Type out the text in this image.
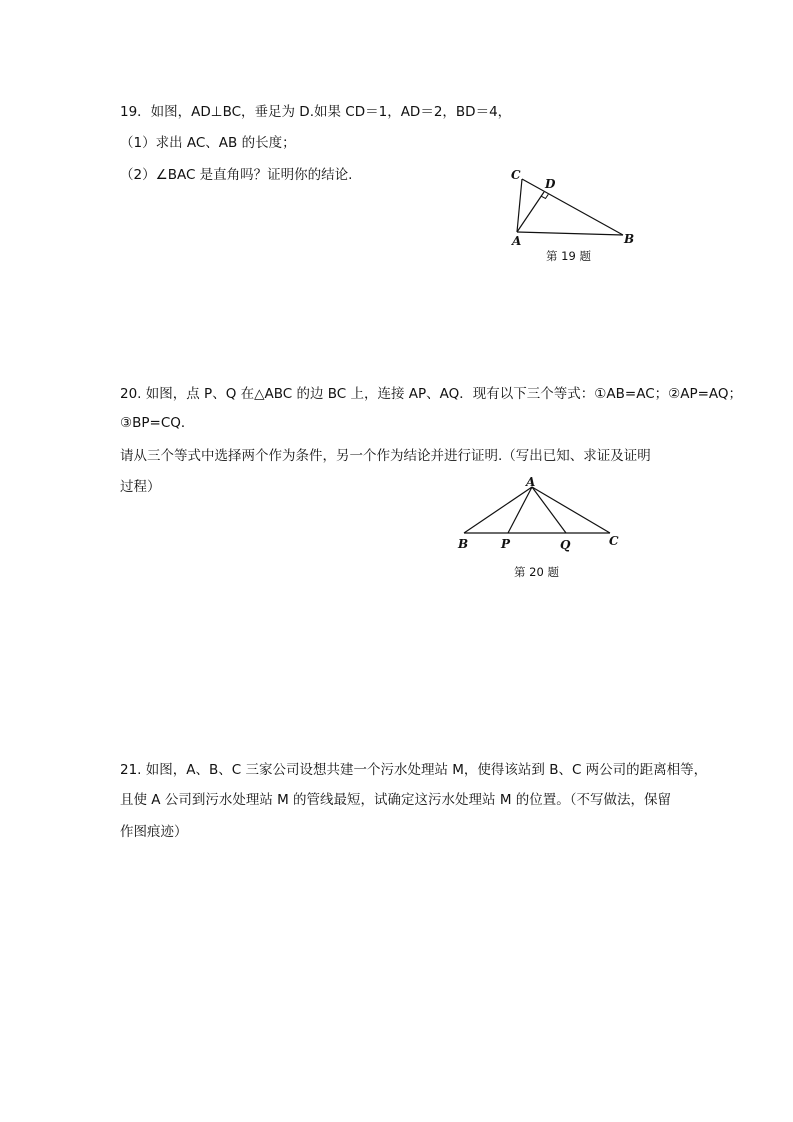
19．如图，AD⊥BC，垂足为 D.如果 CD＝1，AD＝2，BD＝4，
（1）求出 AC、AB 的长度；
（2）∠BAC 是直角吗？证明你的结论.	C
D
A	B
第 19 题
20. 如图，点 P、Q 在△ABC 的边 BC 上，连接 AP、AQ．现有以下三个等式：①AB=AC；②AP=AQ；
③BP=CQ．
请从三个等式中选择两个作为条件，另一个作为结论并进行证明.（写出已知、求证及证明
过程）	A
B	P	Q	C
第 20 题
21. 如图，A、B、C 三家公司设想共建一个污水处理站 M，使得该站到 B、C 两公司的距离相等，
且使 A 公司到污水处理站 M 的管线最短，试确定这污水处理站 M 的位置。（不写做法，保留
作图痕迹）
